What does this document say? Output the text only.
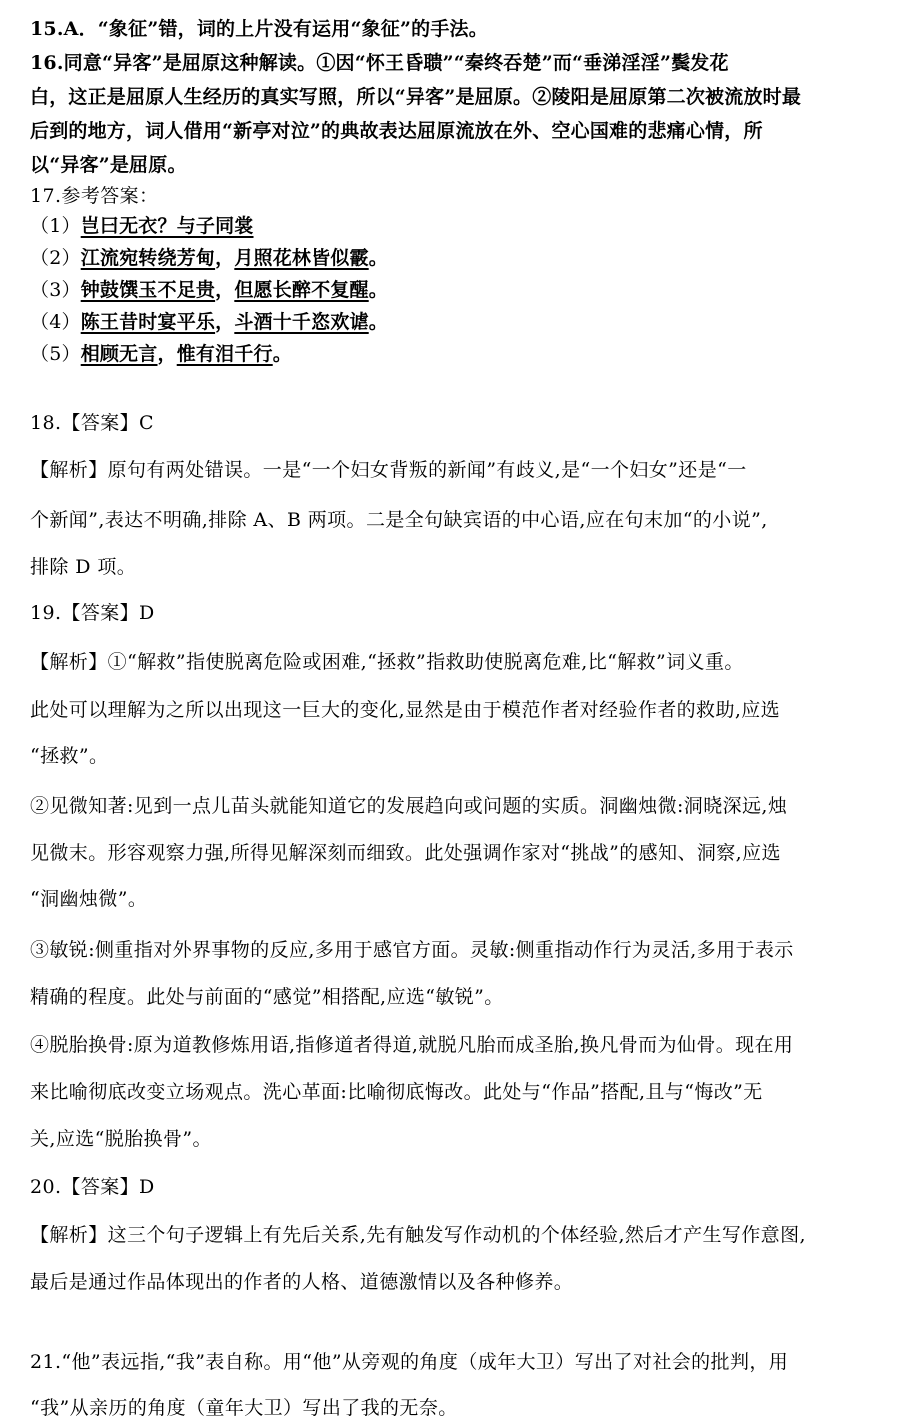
15.A．“象征”错，词的上片没有运用“象征”的手法。
16.同意“异客”是屈原这种解读。①因“怀王昏聩”“秦终吞楚”而“垂涕淫淫”鬓发花
白，这正是屈原人生经历的真实写照，所以“异客”是屈原。②陵阳是屈原第二次被流放时最
后到的地方，词人借用“新亭对泣”的典故表达屈原流放在外、空心国难的悲痛心情，所
以“异客”是屈原。
17.参考答案：
（1）岂曰无衣？与子同裳
（2）江流宛转绕芳甸，月照花林皆似霰。
（3）钟鼓馔玉不足贵，但愿长醉不复醒。
（4）陈王昔时宴平乐，斗酒十千恣欢谑。
（5）相顾无言，惟有泪千行。
18.【答案】C
【解析】原句有两处错误。一是“一个妇女背叛的新闻”有歧义,是“一个妇女”还是“一
个新闻”,表达不明确,排除 A、B 两项。二是全句缺宾语的中心语,应在句末加“的小说”,
排除 D 项。
19.【答案】D
【解析】①“解救”指使脱离危险或困难,“拯救”指救助使脱离危难,比“解救”词义重。
此处可以理解为之所以出现这一巨大的变化,显然是由于模范作者对经验作者的救助,应选
“拯救”。
②见微知著:见到一点儿苗头就能知道它的发展趋向或问题的实质。洞幽烛微:洞晓深远,烛
见微末。形容观察力强,所得见解深刻而细致。此处强调作家对“挑战”的感知、洞察,应选
“洞幽烛微”。
③敏锐:侧重指对外界事物的反应,多用于感官方面。灵敏:侧重指动作行为灵活,多用于表示
精确的程度。此处与前面的“感觉”相搭配,应选“敏锐”。
④脱胎换骨:原为道教修炼用语,指修道者得道,就脱凡胎而成圣胎,换凡骨而为仙骨。现在用
来比喻彻底改变立场观点。洗心革面:比喻彻底悔改。此处与“作品”搭配,且与“悔改”无
关,应选“脱胎换骨”。
20.【答案】D
【解析】这三个句子逻辑上有先后关系,先有触发写作动机的个体经验,然后才产生写作意图,
最后是通过作品体现出的作者的人格、道德激情以及各种修养。
21.“他”表远指,“我”表自称。用“他”从旁观的角度（成年大卫）写出了对社会的批判，用
“我”从亲历的角度（童年大卫）写出了我的无奈。
